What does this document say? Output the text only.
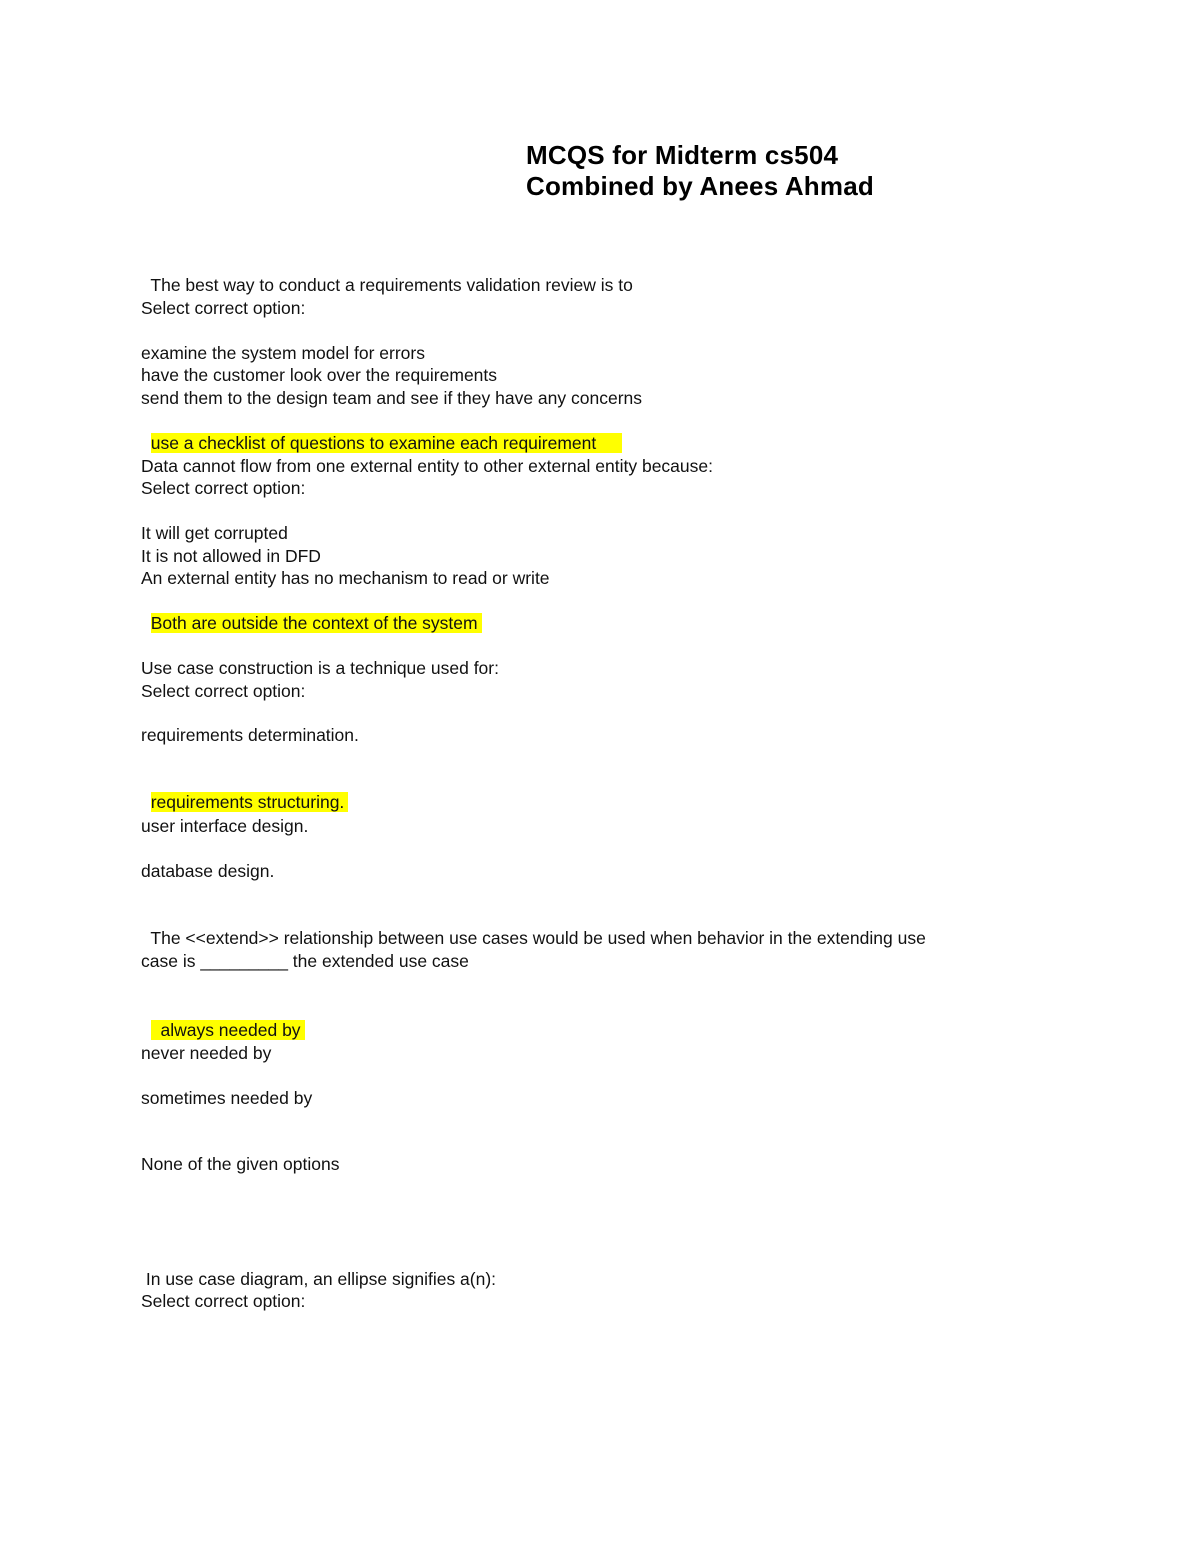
MCQS for Midterm cs504
Combined by Anees Ahmad
The best way to conduct a requirements validation review is to
Select correct option:
examine the system model for errors
have the customer look over the requirements
send them to the design team and see if they have any concerns

use a checklist of questions to examine each requirement

Data cannot flow from one external entity to other external entity because:
Select correct option:
It will get corrupted
It is not allowed in DFD
An external entity has no mechanism to read or write

Both are outside the context of the system

Use case construction is a technique used for:
Select correct option:
requirements determination.

requirements structuring.

user interface design.
database design.
The <<extend>> relationship between use cases would be used when behavior in the extending use
case is _________ the extended use case

always needed by

never needed by
sometimes needed by
None of the given options
In use case diagram, an ellipse signifies a(n):
Select correct option:
